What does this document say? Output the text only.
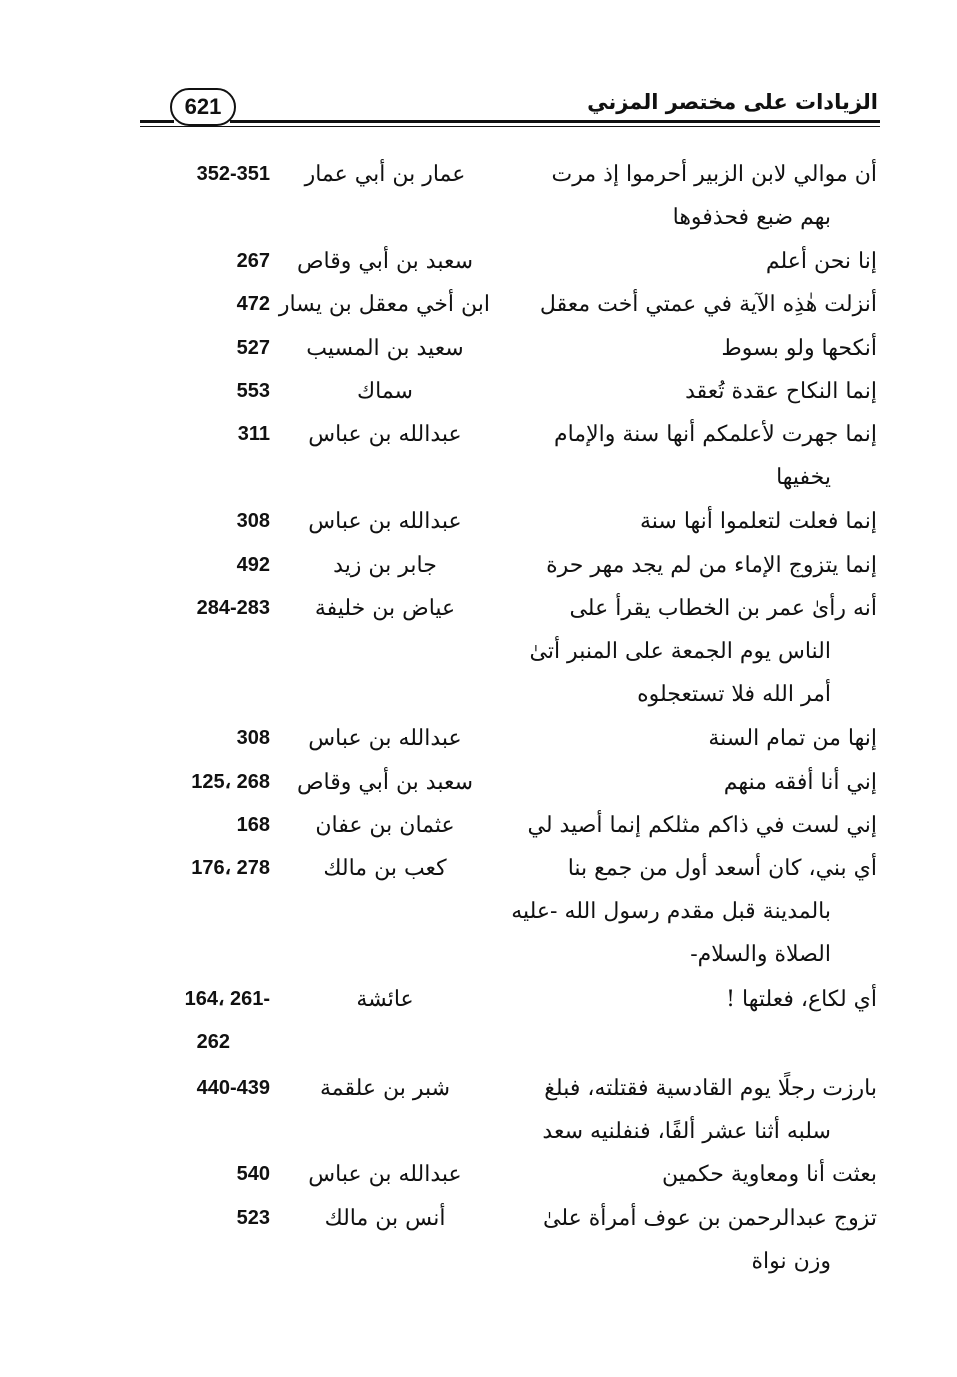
621	الزيادات على مختصر المزني
أن موالي لابن الزبير أحرموا إذ مرت
بهم ضبع فحذفوها
عمار بن أبي عمار
352-351
إنا نحن أعلم
سعبد بن أبي وقاص
267
أنزلت هٰذِه الآية في عمتي أخت معقل
ابن أخي معقل بن يسار
472
أنكحها ولو بسوط
سعيد بن المسيب
527
إنما النكاح عقدة تُعقد
سماك
553
إنما جهرت لأعلمكم أنها سنة والإمام
يخفيها
عبدالله بن عباس
311
إنما فعلت لتعلموا أنها سنة
عبدالله بن عباس
308
إنما يتزوج الإماء من لم يجد مهر حرة
جابر بن زيد
492
أنه رأىٰ عمر بن الخطاب يقرأ على
الناس يوم الجمعة على المنبر أتىٰ
أمر الله فلا تستعجلوه
عياض بن خليفة
284-283
إنها من تمام السنة
عبدالله بن عباس
308
إني أنا أفقه منهم
سعبد بن أبي وقاص
125، 268
إني لست في ذاكم مثلكم إنما أصيد لي
عثمان بن عفان
168
أي بني، كان أسعد أول من جمع بنا
بالمدينة قبل مقدم رسول الله -عليه
الصلاة والسلام-
كعب بن مالك
176، 278
أي لكاع، فعلتها !
عائشة
164، 261-
262
بارزت رجلًا يوم القادسية فقتلته، فبلغ
سلبه أثنا عشر ألفًا، فنفلنيه سعد
شبر بن علقمة
440-439
بعثت أنا ومعاوية حكمين
عبدالله بن عباس
540
تزوج عبدالرحمن بن عوف أمرأة علىٰ
وزن نواة
أنس بن مالك
523
